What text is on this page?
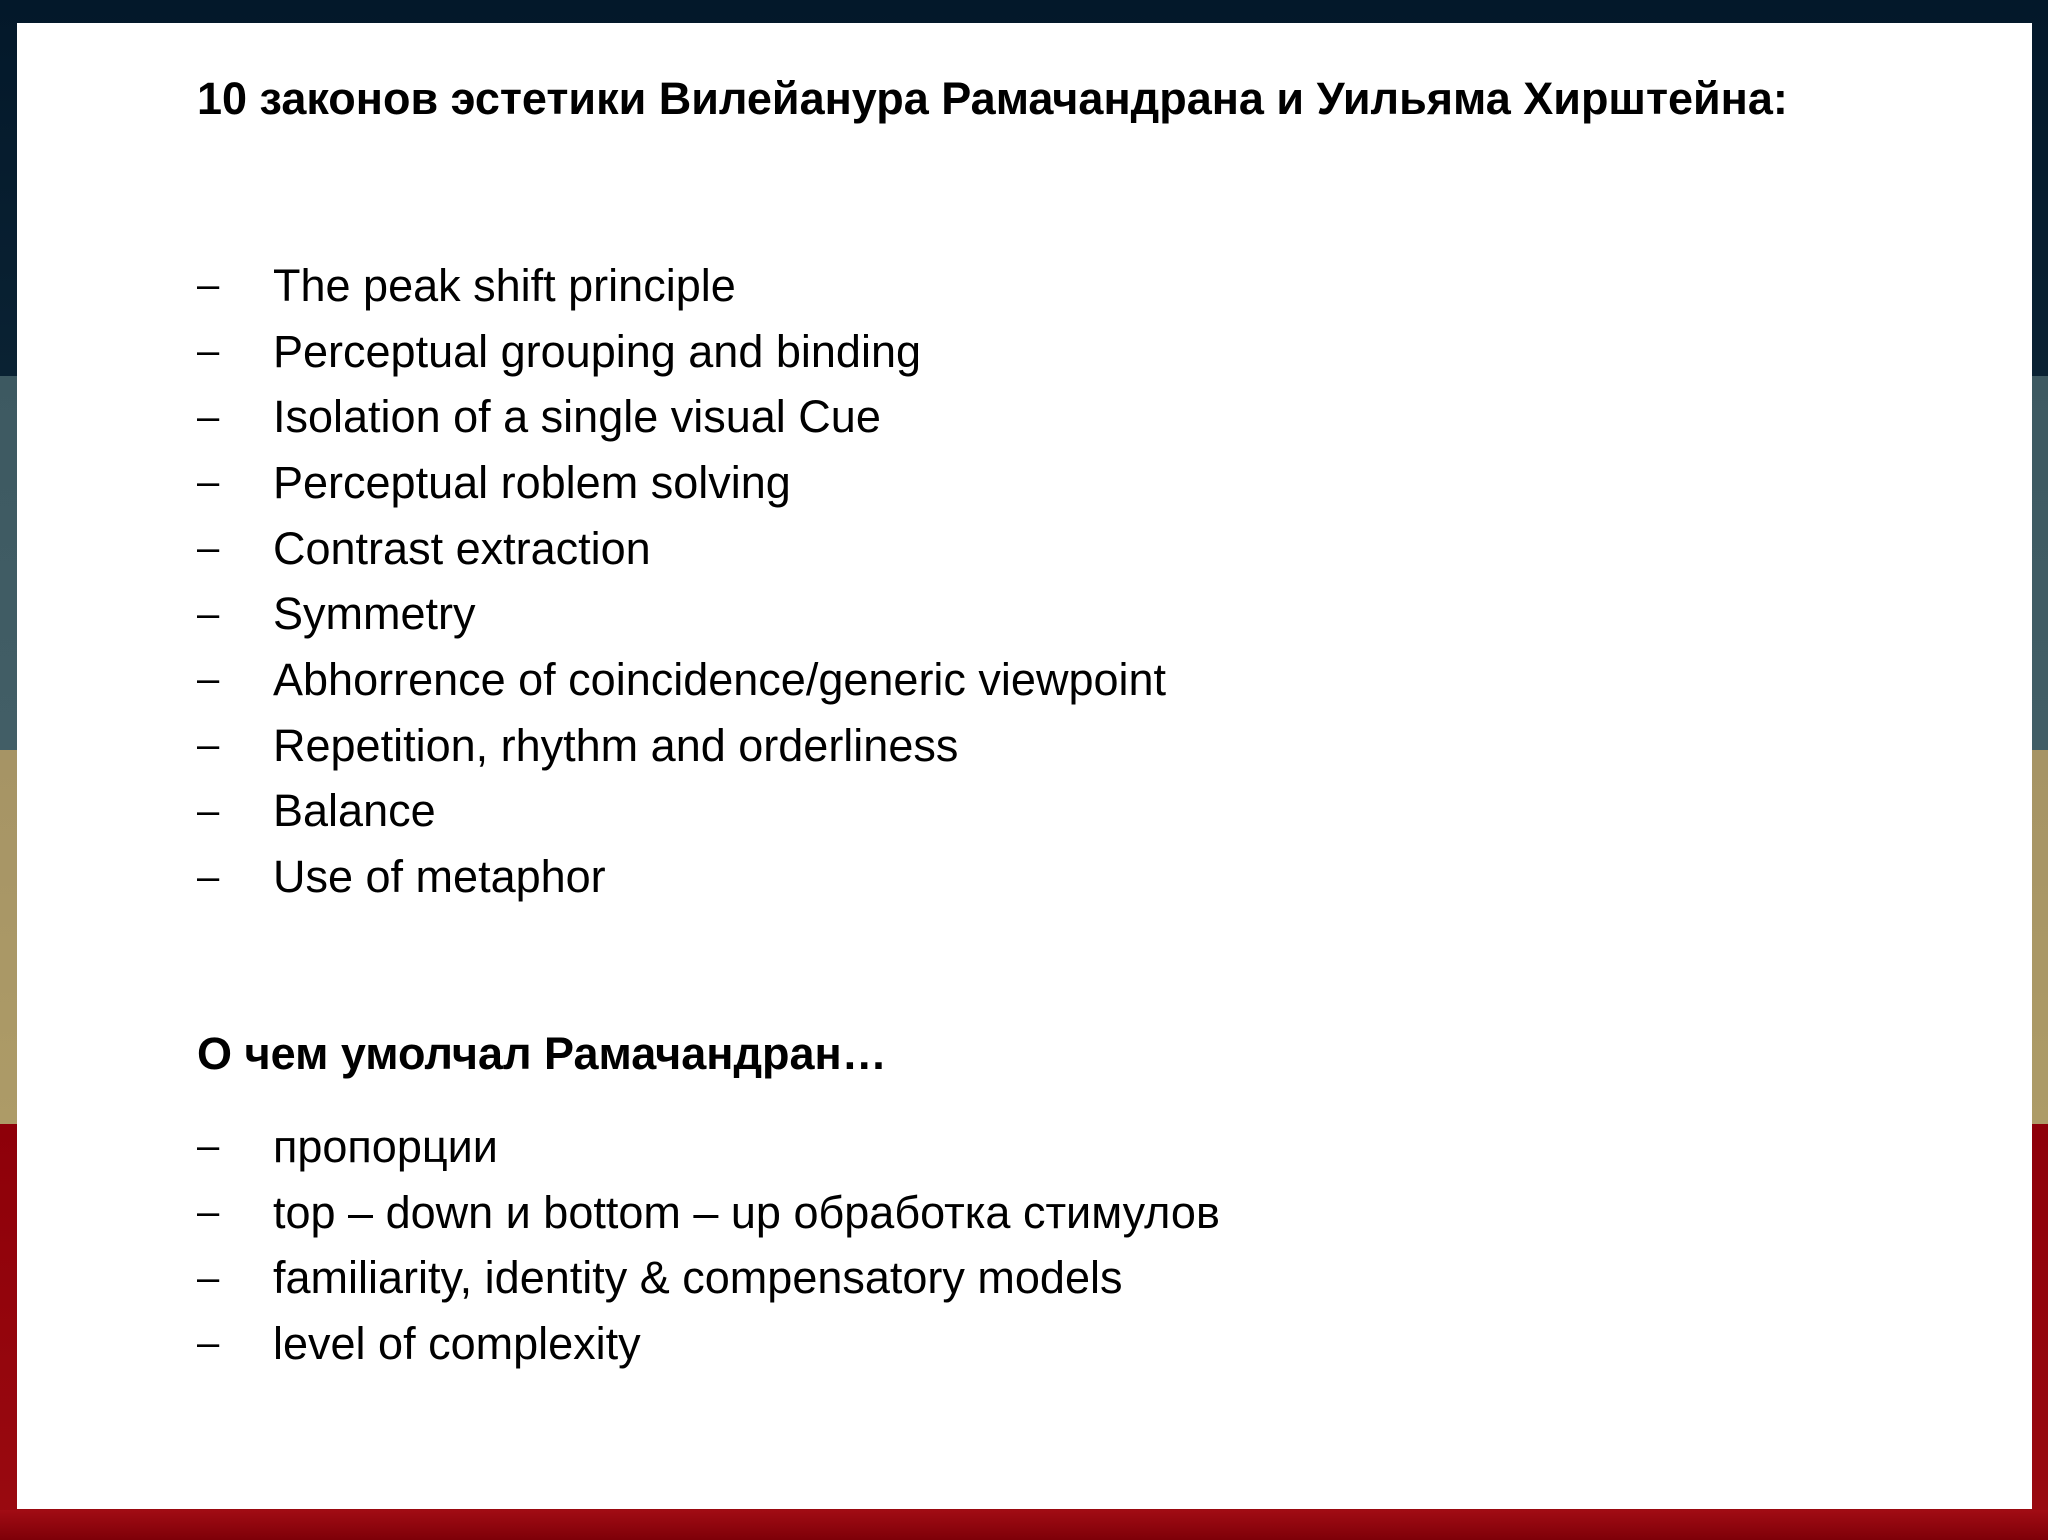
10 законов эстетики Вилейанура Рамачандрана и Уильяма Хирштейна:
–	The peak shift principle
–	Perceptual grouping and binding
–	Isolation of a single visual Cue
–	Perceptual roblem solving
–	Contrast extraction
–	Symmetry
–	Abhorrence of coincidence/generic viewpoint
–	Repetition, rhythm and orderliness
–	Balance
–	Use of metaphor
О чем умолчал Рамачандран…
–	пропорции
–	top – down и bottom – up обработка стимулов
–	familiarity, identity & compensatory models
–	level of complexity
